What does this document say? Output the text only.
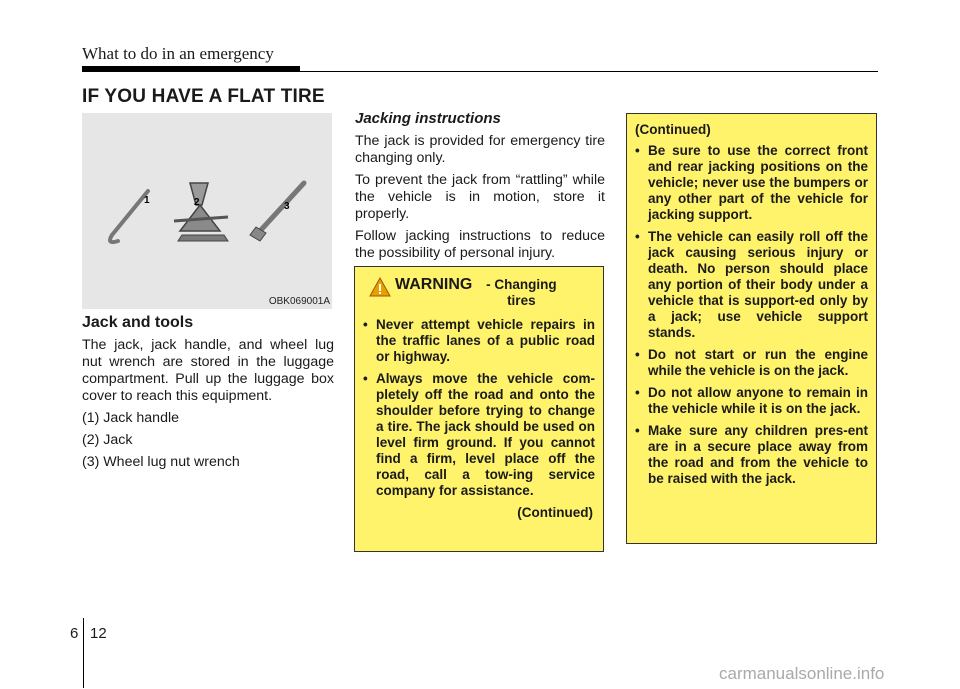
What to do in an emergency
IF YOU HAVE A FLAT TIRE
1	2	3
OBK069001A
Jack and tools

The jack, jack handle, and wheel lug nut wrench are stored in the luggage compartment. Pull up the luggage box cover to reach this equipment.

(1) Jack handle
(2) Jack
(3) Wheel lug nut wrench
Jacking instructions

The jack is provided for emergency tire changing only.

To prevent the jack from “rattling” while the vehicle is in motion, store it properly.

Follow jacking instructions to reduce the possibility of personal injury.

WARNING	- Changing tires
• Never attempt vehicle repairs in the traffic lanes of a public road or highway.
• Always move the vehicle com-pletely off the road and onto the shoulder before trying to change a tire. The jack should be used on level firm ground. If you cannot find a firm, level place off the road, call a tow-ing service company for assistance.
(Continued)
(Continued)
• Be sure to use the correct front and rear jacking positions on the vehicle; never use the bumpers or any other part of the vehicle for jacking support.
• The vehicle can easily roll off the jack causing serious injury or death. No person should place any portion of their body under a vehicle that is support-ed only by a jack; use vehicle support stands.
• Do not start or run the engine while the vehicle is on the jack.
• Do not allow anyone to remain in the vehicle while it is on the jack.
• Make sure any children pres-ent are in a secure place away from the road and from the vehicle to be raised with the jack.
6 12
carmanualsonline.info
